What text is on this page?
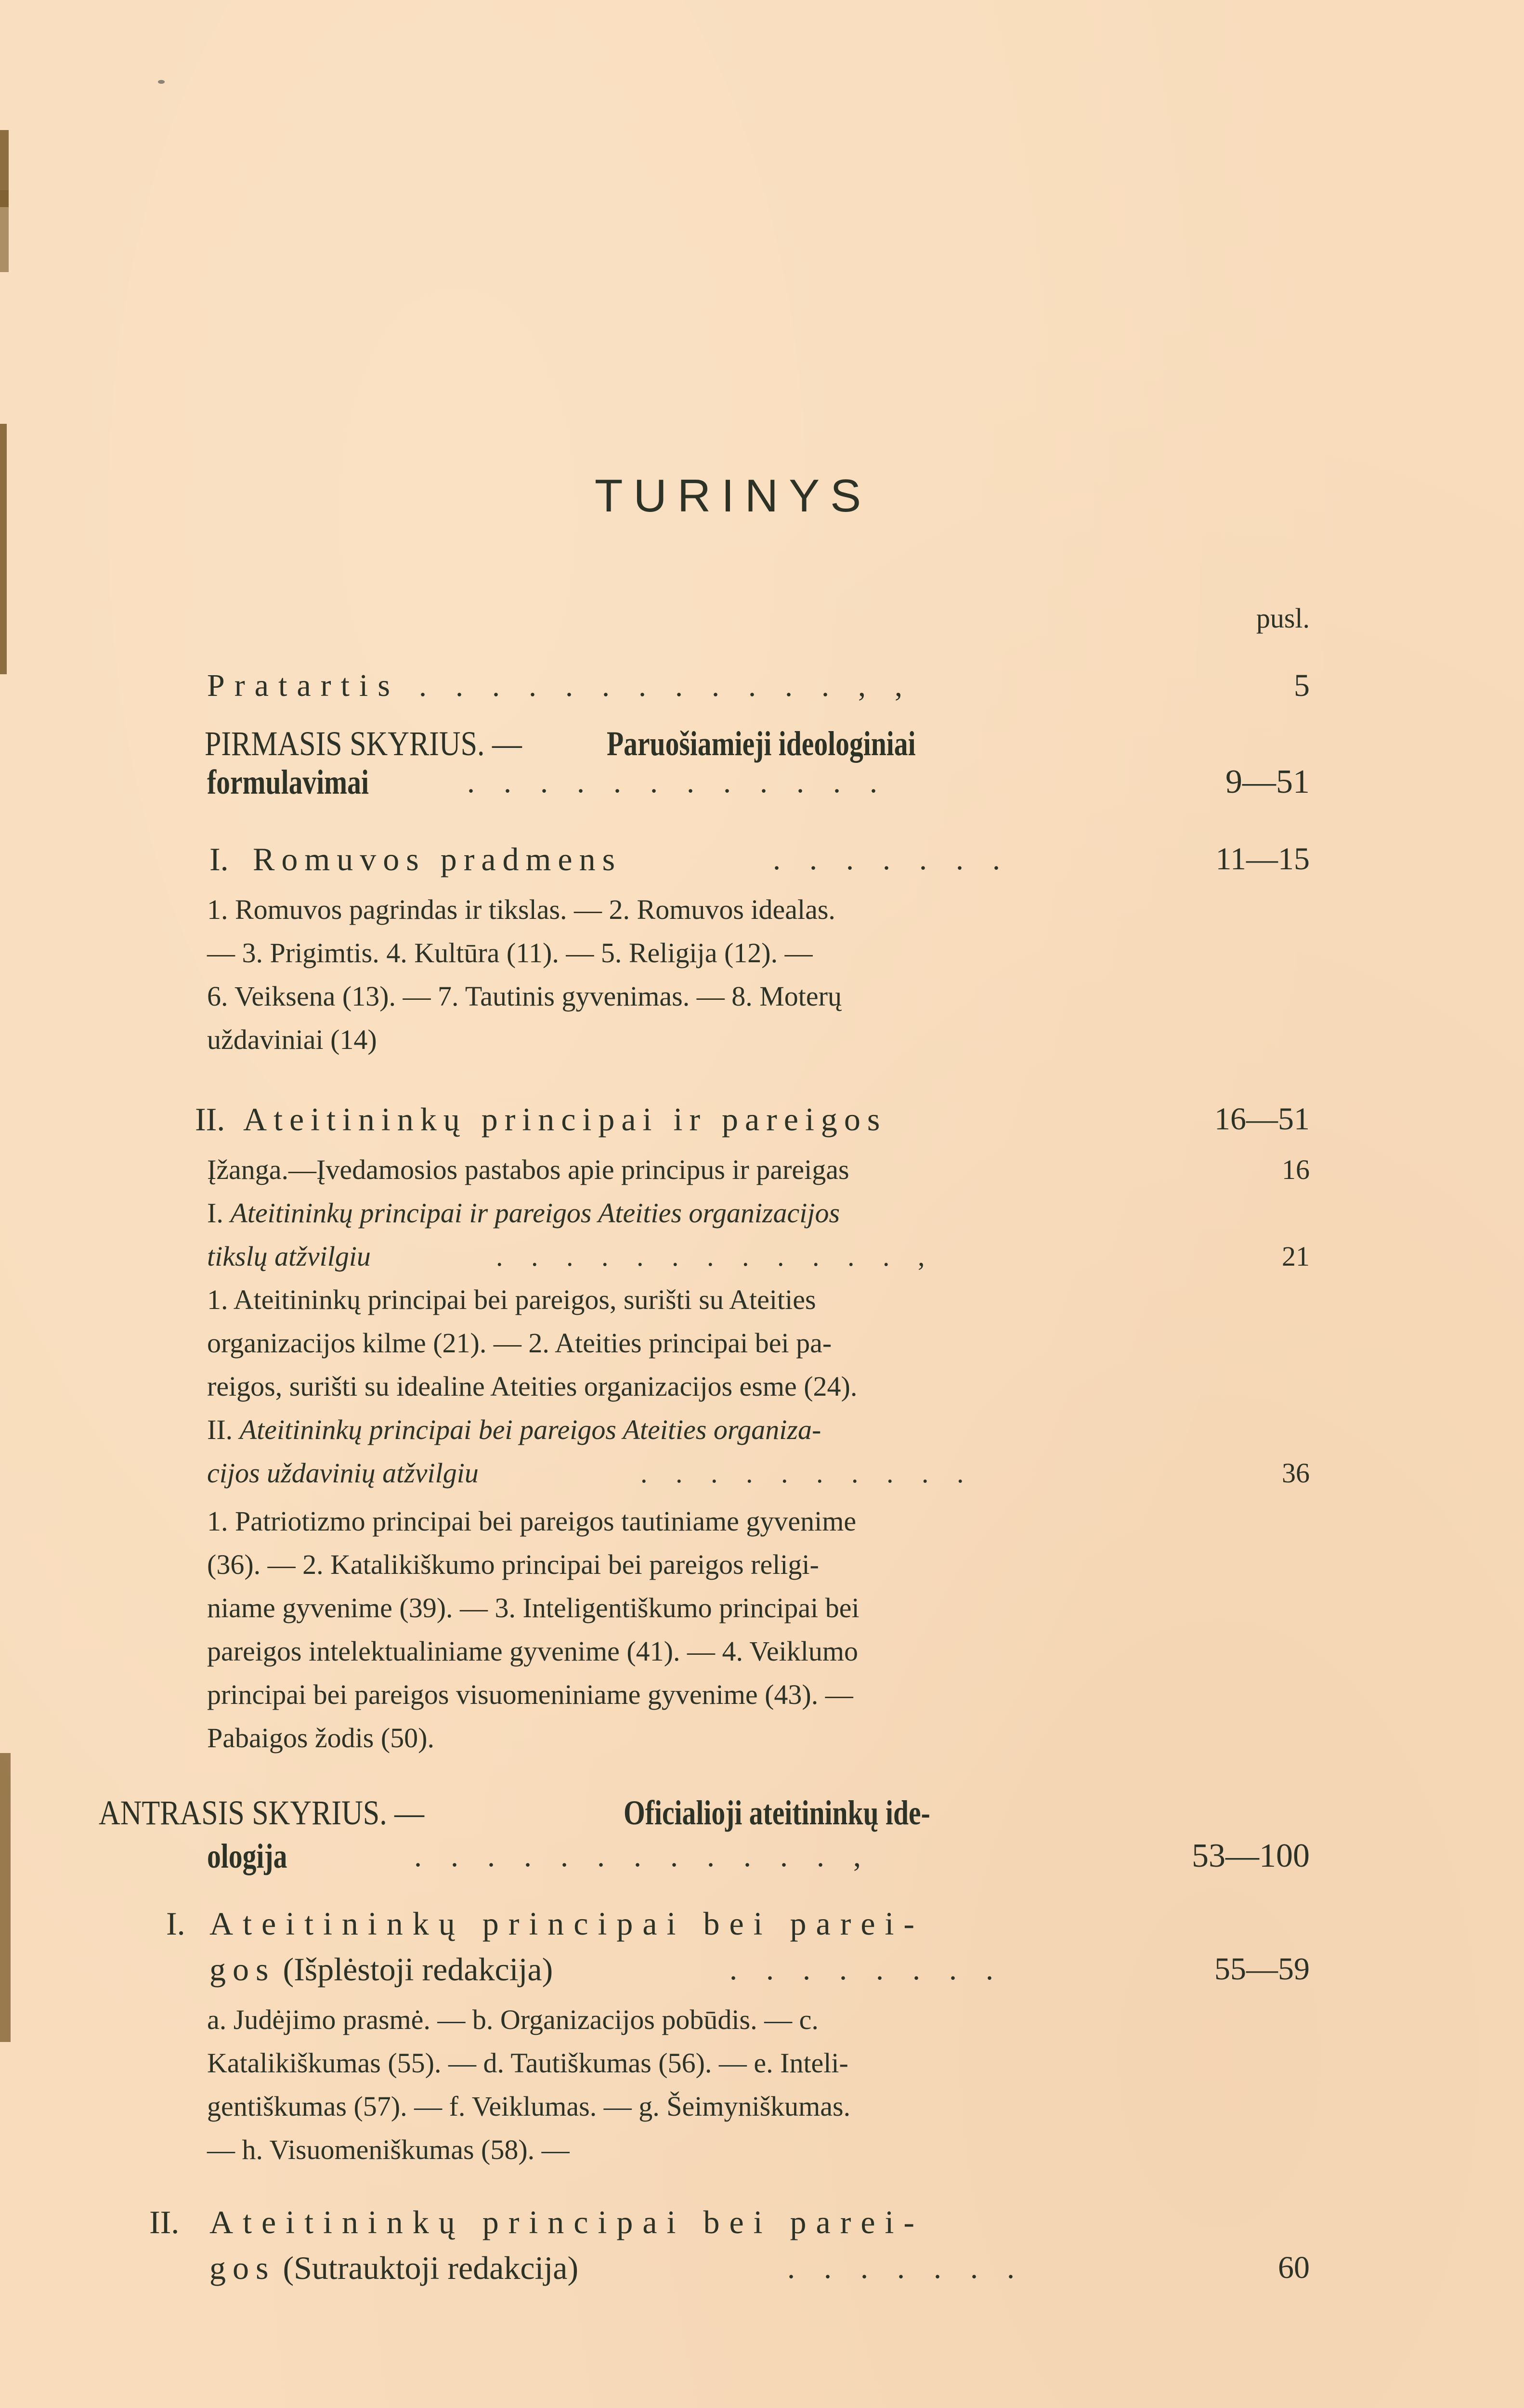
TURINYS
pusl.
Pratartis . . . . . . . . . . . . , ,	5
PIRMASIS SKYRIUS. — Paruošiamieji ideologiniai
formulavimai	. . . . . . . . . . . .	9—51
I. Romuvos pradmens	. . . . . . .	11—15
1. Romuvos pagrindas ir tikslas. — 2. Romuvos idealas.
— 3. Prigimtis. 4. Kultūra (11). — 5. Religija (12). —
6. Veiksena (13). — 7. Tautinis gyvenimas. — 8. Moterų
uždaviniai (14)
II. Ateitininkų principai ir pareigos	16—51
Įžanga.—Įvedamosios pastabos apie principus ir pareigas	16
I. Ateitininkų principai ir pareigos Ateities organizacijos
tikslų atžvilgiu	. . . . . . . . . . . . ,	21
1. Ateitininkų principai bei pareigos, surišti su Ateities
organizacijos kilme (21). — 2. Ateities principai bei pa-
reigos, surišti su idealine Ateities organizacijos esme (24).
II. Ateitininkų principai bei pareigos Ateities organiza-
cijos uždavinių atžvilgiu	. . . . . . . . . .	36
1. Patriotizmo principai bei pareigos tautiniame gyvenime
(36). — 2. Katalikiškumo principai bei pareigos religi-
niame gyvenime (39). — 3. Inteligentiškumo principai bei
pareigos intelektualiniame gyvenime (41). — 4. Veiklumo
principai bei pareigos visuomeniniame gyvenime (43). —
Pabaigos žodis (50).
ANTRASIS SKYRIUS. —	Oficialioji ateitininkų ide-
ologija	. . . . . . . . . . . . ,	53—100
I. Ateitininkų principai bei parei-
gos (Išplėstoji redakcija)	. . . . . . . .	55—59
a. Judėjimo prasmė. — b. Organizacijos pobūdis. — c.
Katalikiškumas (55). — d. Tautiškumas (56). — e. Inteli-
gentiškumas (57). — f. Veiklumas. — g. Šeimyniškumas.
— h. Visuomeniškumas (58). —
II. Ateitininkų principai bei parei-
gos (Sutrauktoji redakcija)	. . . . . . .	60
